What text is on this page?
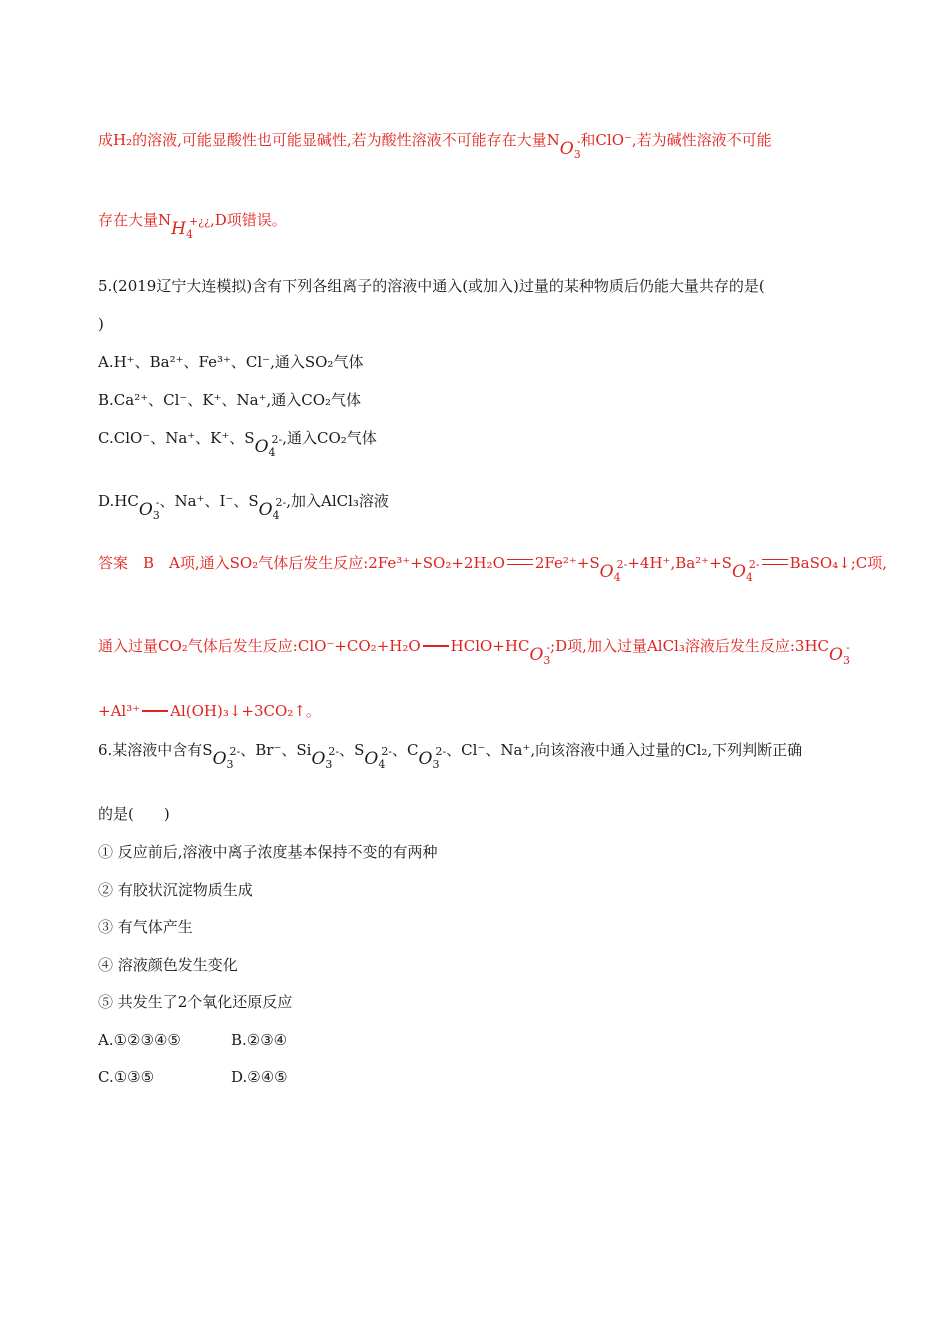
成H₂的溶液,可能显酸性也可能显碱性,若为酸性溶液不可能存在大量$NO_3^-$和ClO⁻,若为碱性溶液不可能
存在大量$NH_4^{+¿¿},D$项错误。
5.(2019辽宁大连模拟)含有下列各组离子的溶液中通入(或加入)过量的某种物质后仍能大量共存的是(
)
A.H⁺、Ba²⁺、Fe³⁺、Cl⁻,通入SO₂气体
B.Ca²⁺、Cl⁻、K⁺、Na⁺,通入CO₂气体
C.ClO⁻、Na⁺、K⁺、$SO_4^{2-}$,通入CO₂气体
$D.HCO_3^-$、Na⁺、I⁻、$SO_4^{2-}$,加入AlCl₃溶液
答案　B　A项,通入SO₂气体后发生反应:2Fe³⁺+SO₂+2H₂O $2Fe^{2+}+SO_4^{2-}+4H^+,Ba^{2+}+SO_4^{2-}$ BaSO₄↓;C项,
通入过量CO₂气体后发生反应:ClO⁻+CO₂+H₂O $HClO+HCO_3^-;D$项,加入过量AlCl₃溶液后发生反应$:3HCO_3^-$
+Al³⁺ Al(OH)₃↓+3CO₂↑。
6.某溶液中含有$SO_3^{2-}$、Br⁻、SiO$_3^{2-}$、$SO_4^{2-}$、$CO_3^{2-}$、Cl⁻、Na⁺,向该溶液中通入过量的Cl₂,下列判断正确
的是(　　)
① 反应前后,溶液中离子浓度基本保持不变的有两种
② 有胶状沉淀物质生成
③ 有气体产生
④ 溶液颜色发生变化
⑤ 共发生了2个氧化还原反应
A.①②③④⑤	B.②③④
C.①③⑤	D.②④⑤
